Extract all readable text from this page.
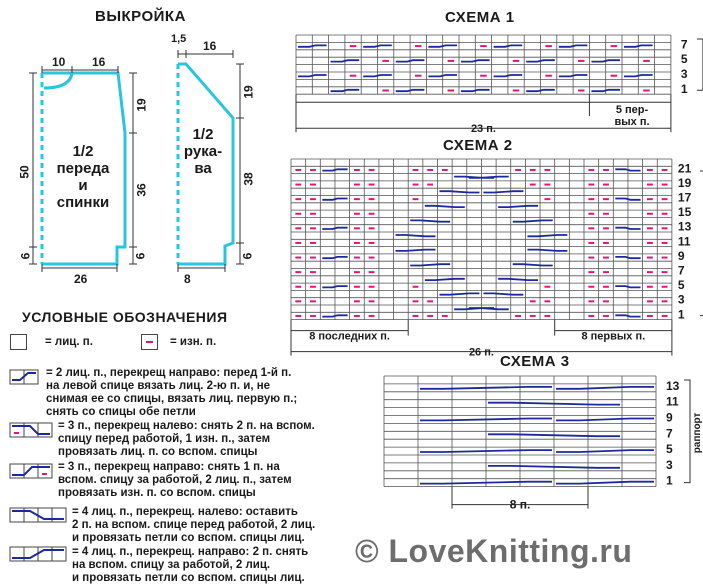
ВЫКРОЙКА
10 16
1,5 16
19
19
50
36
38
6	6	6
26	8
1/2
переда
и
спинки
1/2
рука-
ва
УСЛОВНЫЕ ОБОЗНАЧЕНИЯ
= лиц. п.	= изн. п.
= 2 лиц. п., перекрещ направо: перед 1-й п.
на левой спице вязать лиц. 2-ю п. и, не
снимая ее со спицы, вязать лиц. первую п.;
снять со спицы обе петли
= 3 п., перекрещ налево: снять 2 п. на вспом.
спицу перед работой, 1 изн. п., затем
провязать лиц. п. со вспом. спицы
= 3 п., перекрещ направо: снять 1 п. на
вспом. спицу за работой, 2 лиц. п., затем
провязать изн. п. со вспом. спицы
= 4 лиц. п., перекрещ. налево: оставить
2 п. на вспом. спице перед работой, 2 лиц.
и провязать петли со вспом. спицы лиц.
= 4 лиц. п., перекрещ. направо: 2 п. снять
на вспом. спицу за работой, 2 лиц.
и провязать петли со вспом. спицы лиц.
СХЕМА 1
СХЕМА 2
СХЕМА 3
7
5
3
1
5 пер-
вых п.
23 п.
21
19
17
15
13
11
9
7
5
3
1
8 последних п.	8 первых п.
26 п.
13
11
9
7
5
3
1
раппорт
8 п.
© LoveKnitting.ru
